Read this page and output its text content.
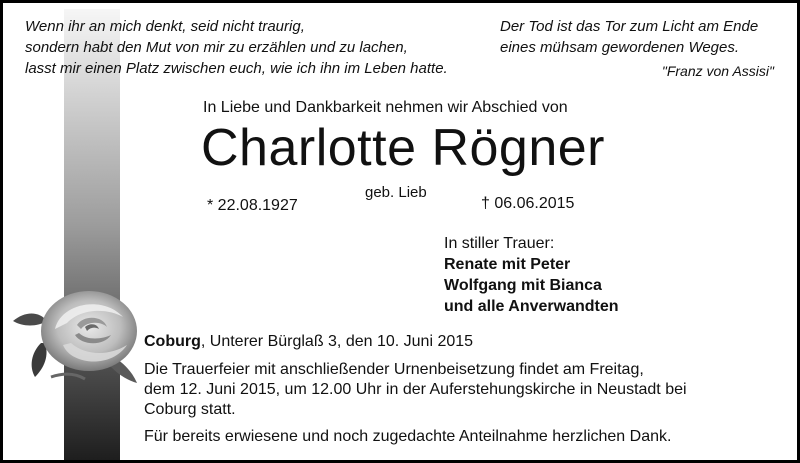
Wenn ihr an mich denkt, seid nicht traurig,
sondern habt den Mut von mir zu erzählen und zu lachen,
lasst mir einen Platz zwischen euch, wie ich ihn im Leben hatte.
Der Tod ist das Tor zum Licht am Ende
eines mühsam gewordenen Weges.
"Franz von Assisi"
In Liebe und Dankbarkeit nehmen wir Abschied von
Charlotte Rögner
geb. Lieb
* 22.08.1927	† 06.06.2015
In stiller Trauer:
Renate mit Peter
Wolfgang mit Bianca
und alle Anverwandten

Coburg, Unterer Bürglaß 3, den 10. Juni 2015

Die Trauerfeier mit anschließender Urnenbeisetzung findet am Freitag,
dem 12. Juni 2015, um 12.00 Uhr in der Auferstehungskirche in Neustadt bei
Coburg statt.

Für bereits erwiesene und noch zugedachte Anteilnahme herzlichen Dank.
